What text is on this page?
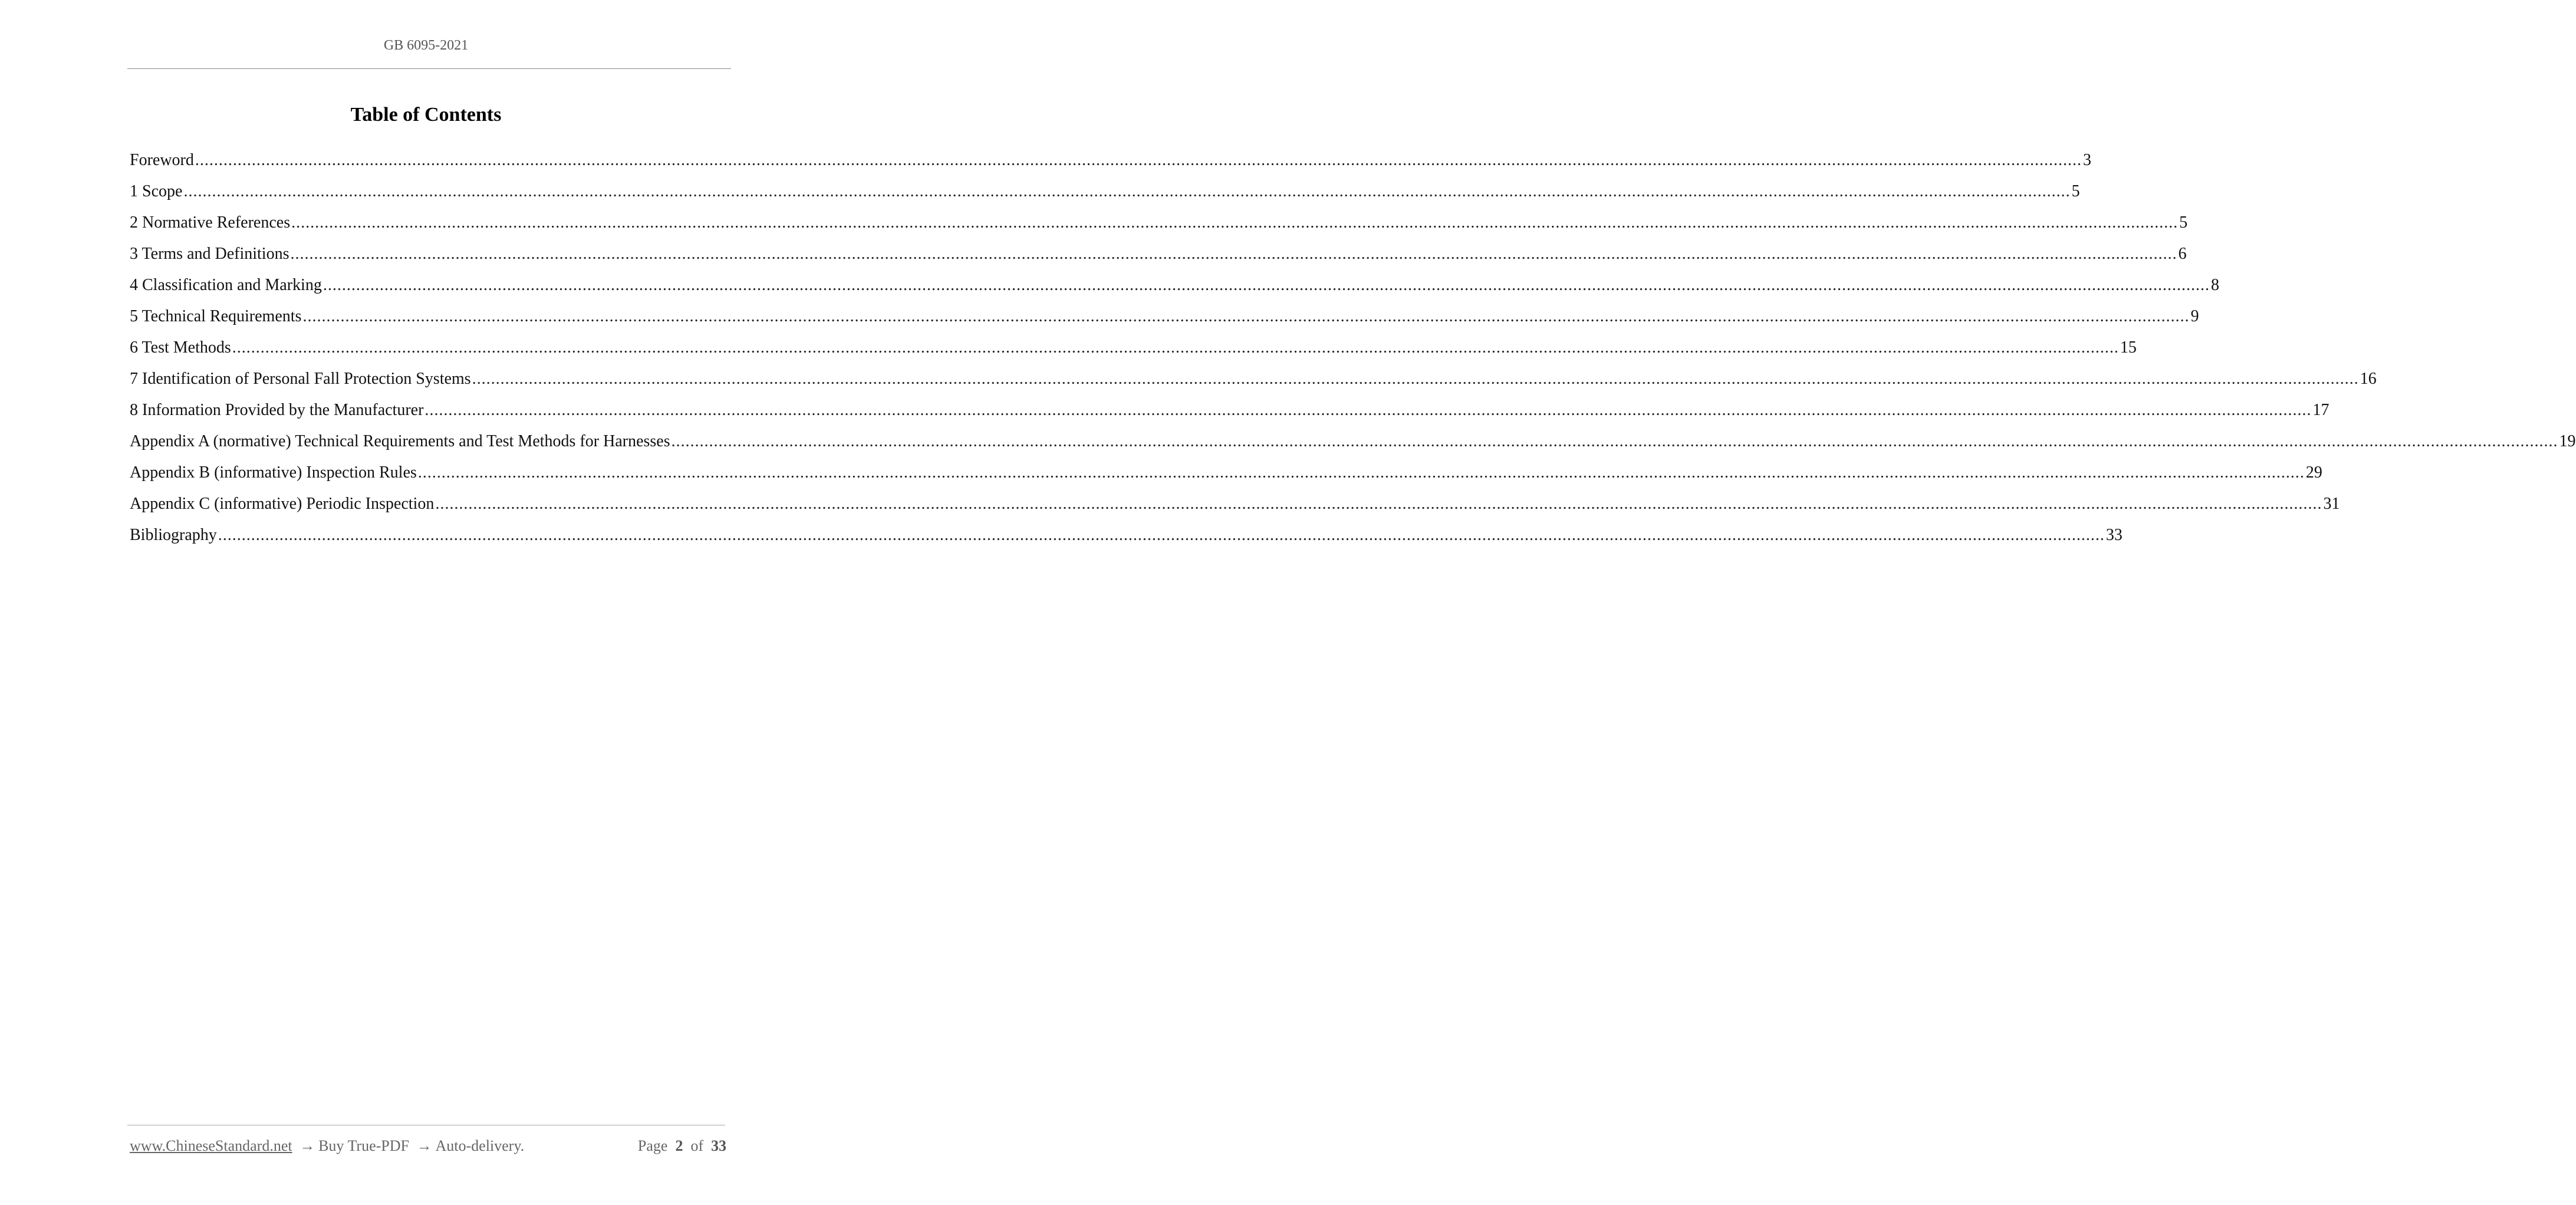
GB 6095-2021
Table of Contents
Foreword ................................................................................................................................................................................................................................................................................................................................................................................................................ 3
1 Scope ................................................................................................................................................................................................................................................................................................................................................................................................................ 5
2 Normative References ................................................................................................................................................................................................................................................................................................................................................................................................................ 5
3 Terms and Definitions ................................................................................................................................................................................................................................................................................................................................................................................................................ 6
4 Classification and Marking ................................................................................................................................................................................................................................................................................................................................................................................................................ 8
5 Technical Requirements ................................................................................................................................................................................................................................................................................................................................................................................................................ 9
6 Test Methods ................................................................................................................................................................................................................................................................................................................................................................................................................ 15
7 Identification of Personal Fall Protection Systems ................................................................................................................................................................................................................................................................................................................................................................................................................ 16
8 Information Provided by the Manufacturer ................................................................................................................................................................................................................................................................................................................................................................................................................ 17
Appendix A (normative) Technical Requirements and Test Methods for Harnesses ................................................................................................................................................................................................................................................................................................................................................................................................................ 19
Appendix B (informative) Inspection Rules ................................................................................................................................................................................................................................................................................................................................................................................................................ 29
Appendix C (informative) Periodic Inspection ................................................................................................................................................................................................................................................................................................................................................................................................................ 31
Bibliography ................................................................................................................................................................................................................................................................................................................................................................................................................ 33
www.ChineseStandard.net → Buy True-PDF → Auto-delivery.	Page 2 of 33
